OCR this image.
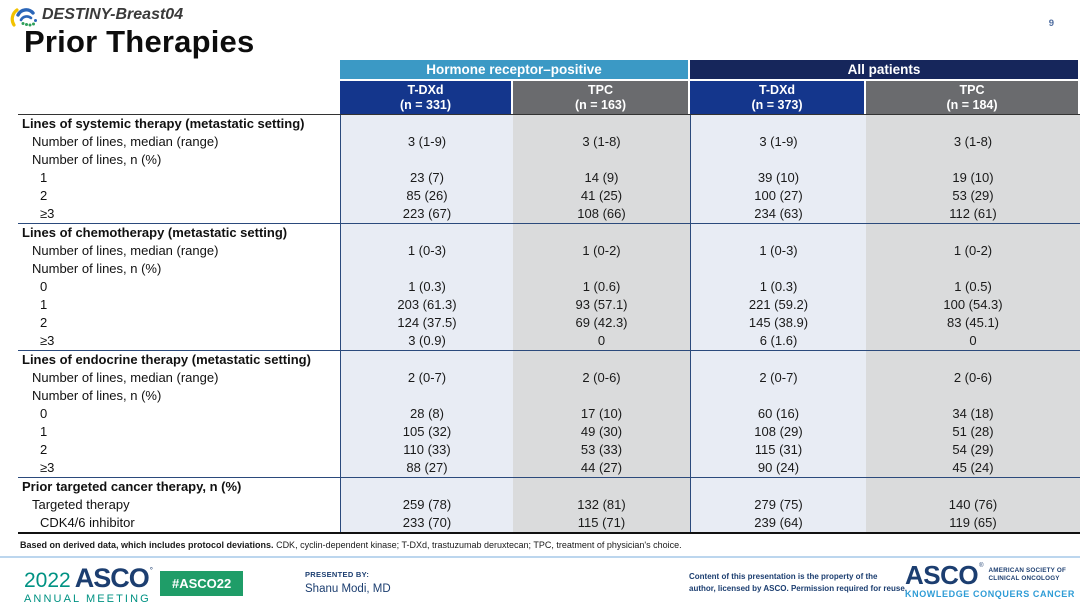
DESTINY-Breast04
Prior Therapies
9
Hormone receptor–positive	All patients
T-DXd
(n = 331)
TPC
(n = 163)
T-DXd
(n = 373)
TPC
(n = 184)
Lines of systemic therapy (metastatic setting)
Number of lines, median (range)	3 (1-9)	3 (1-8)	3 (1-9)	3 (1-8)
Number of lines, n (%)
1	23 (7)	14 (9)	39 (10)	19 (10)
2	85 (26)	41 (25)	100 (27)	53 (29)
≥3	223 (67)	108 (66)	234 (63)	112 (61)
Lines of chemotherapy (metastatic setting)
Number of lines, median (range)	1 (0-3)	1 (0-2)	1 (0-3)	1 (0-2)
Number of lines, n (%)
0	1 (0.3)	1 (0.6)	1 (0.3)	1 (0.5)
1	203 (61.3)	93 (57.1)	221 (59.2)	100 (54.3)
2	124 (37.5)	69 (42.3)	145 (38.9)	83 (45.1)
≥3	3 (0.9)	0	6 (1.6)	0
Lines of endocrine therapy (metastatic setting)
Number of lines, median (range)	2 (0-7)	2 (0-6)	2 (0-7)	2 (0-6)
Number of lines, n (%)
0	28 (8)	17 (10)	60 (16)	34 (18)
1	105 (32)	49 (30)	108 (29)	51 (28)
2	110 (33)	53 (33)	115 (31)	54 (29)
≥3	88 (27)	44 (27)	90 (24)	45 (24)
Prior targeted cancer therapy, n (%)
Targeted therapy	259 (78)	132 (81)	279 (75)	140 (76)
CDK4/6 inhibitor	233 (70)	115 (71)	239 (64)	119 (65)
Based on derived data, which includes protocol deviations. CDK, cyclin-dependent kinase; T-DXd, trastuzumab deruxtecan; TPC, treatment of physician's choice.
2022 ASCO °
ANNUAL MEETING
#ASCO22
PRESENTED BY:
Shanu Modi, MD
Content of this presentation is the property of the
author, licensed by ASCO. Permission required for reuse.
ASCO ®
AMERICAN SOCIETY OF
CLINICAL ONCOLOGY
KNOWLEDGE CONQUERS CANCER
